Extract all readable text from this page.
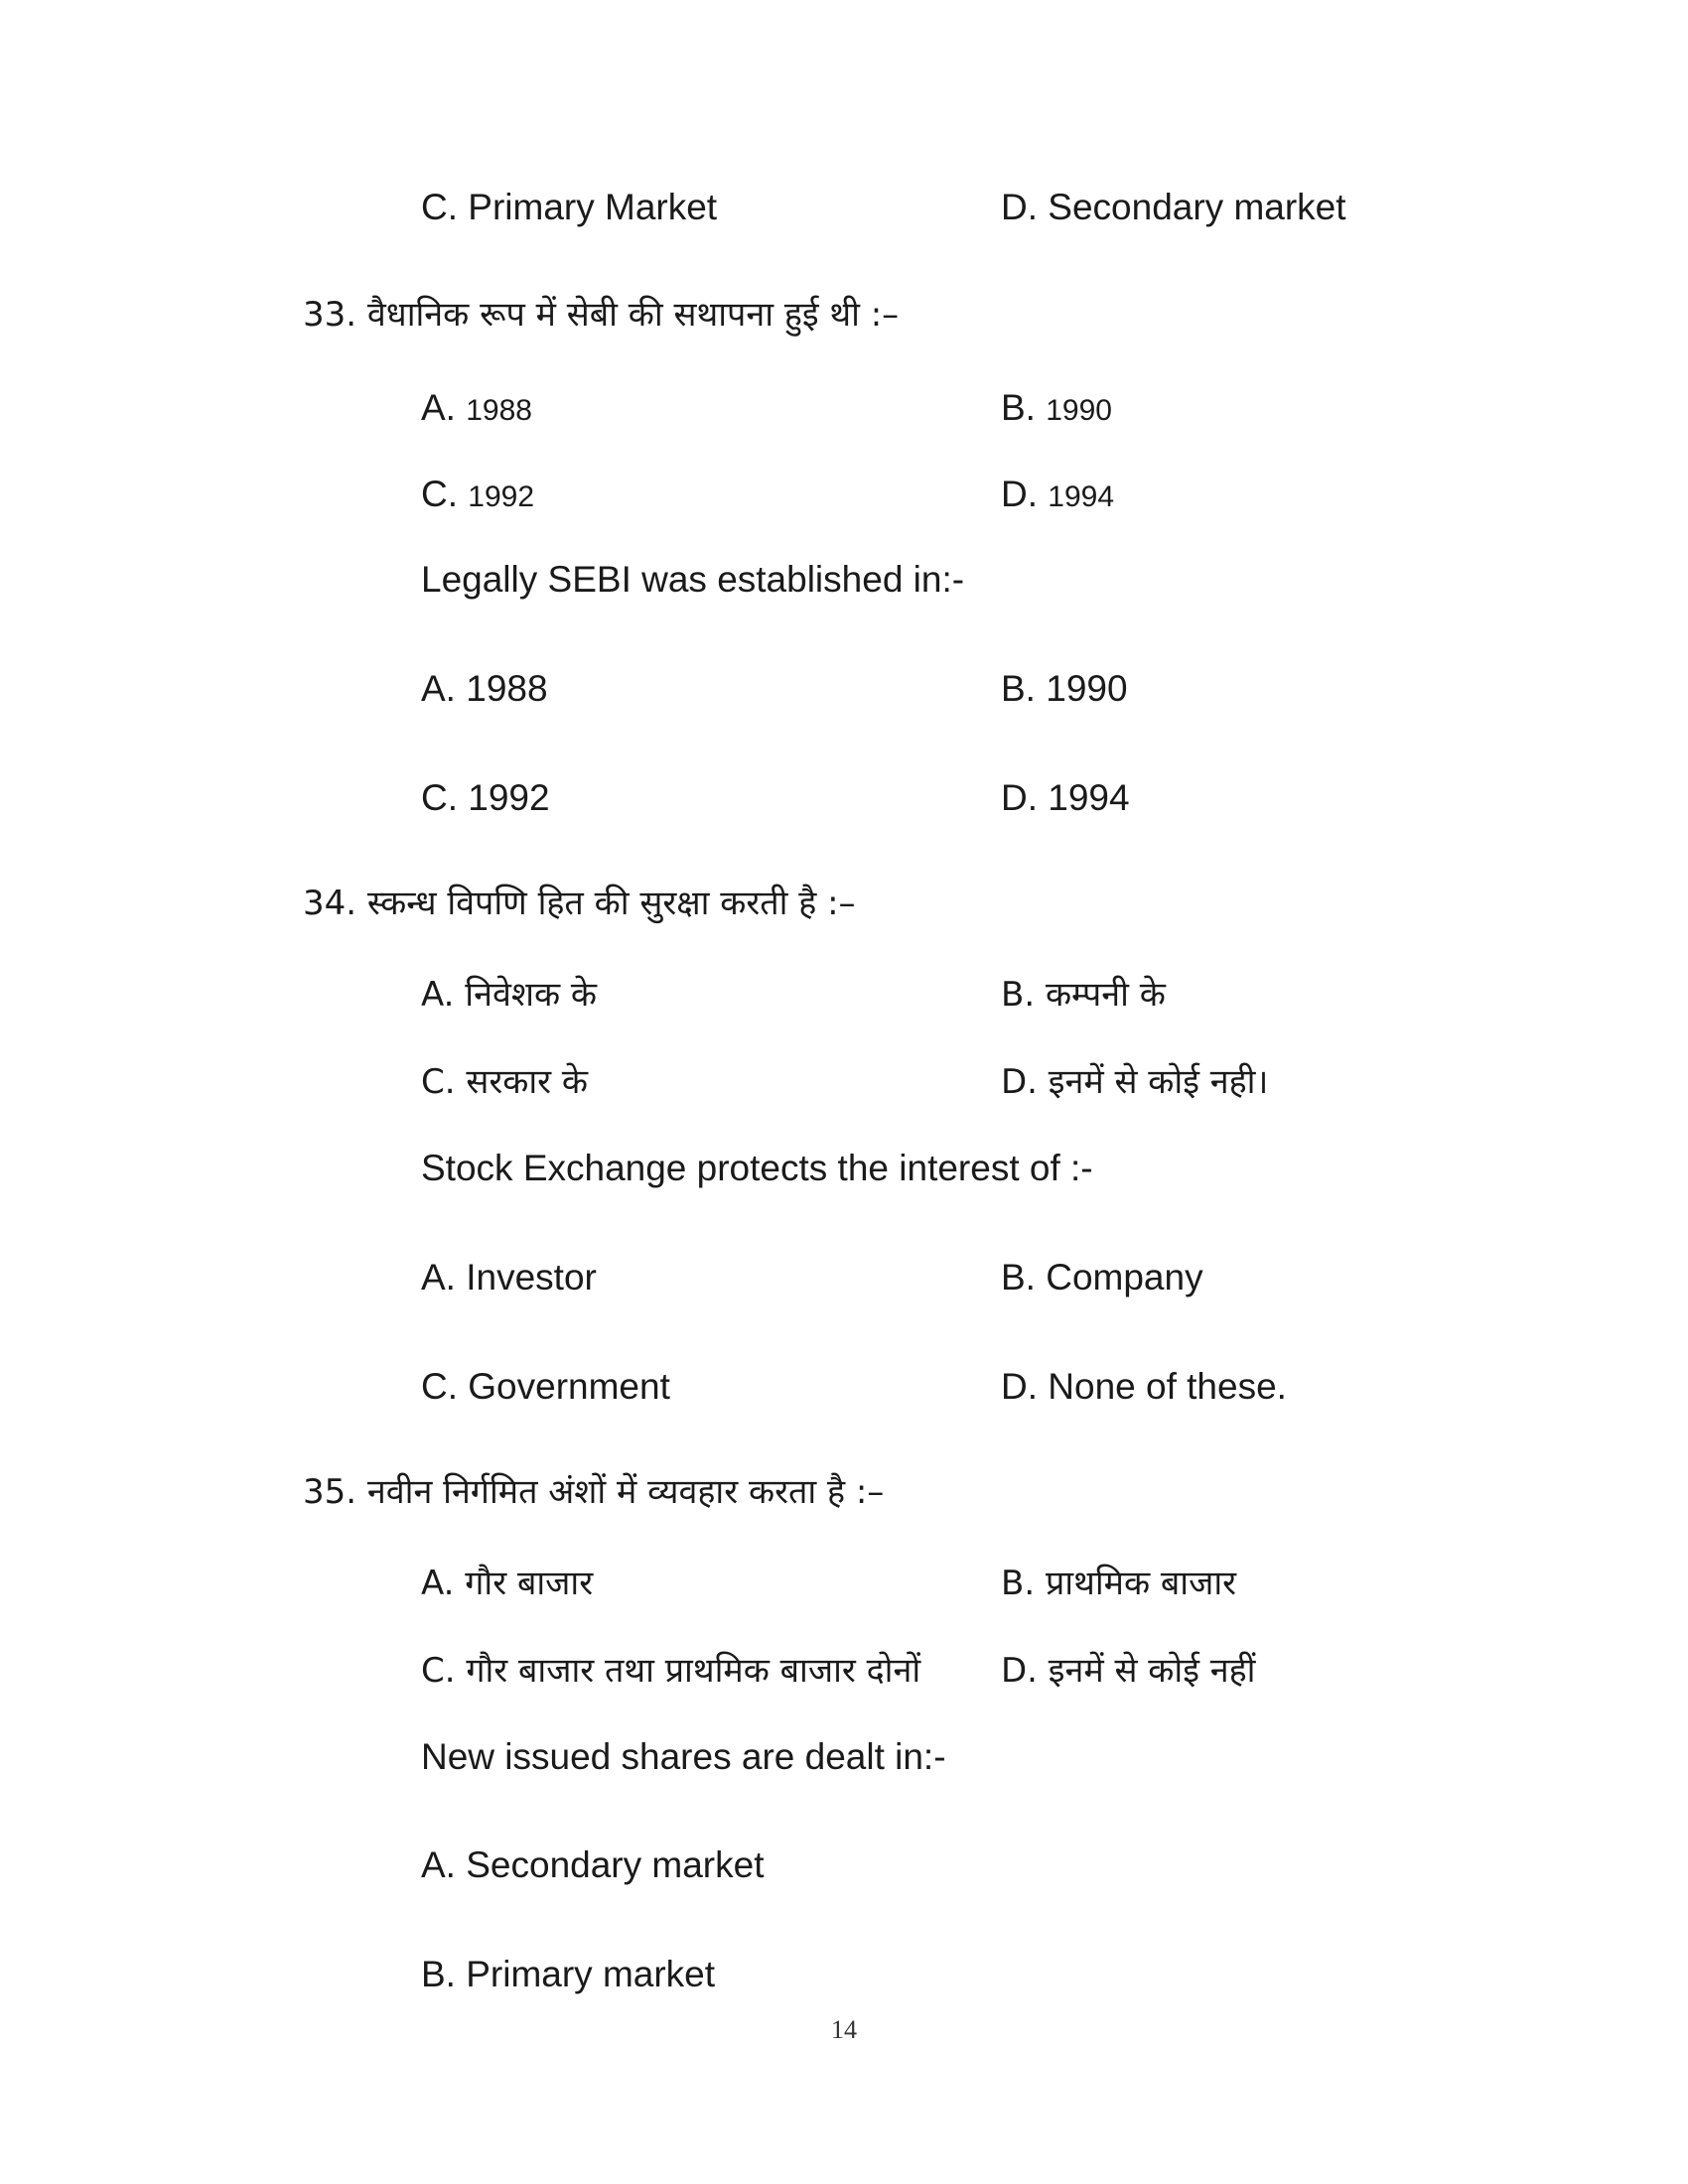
C. Primary Market	D. Secondary market
33. वैधानिक रूप में सेबी की सथापना हुई थी :–
A. 1988	B. 1990
C. 1992	D. 1994
Legally SEBI was established in:-
A. 1988	B. 1990
C. 1992	D. 1994
34. स्कन्ध विपणि हित की सुरक्षा करती है :–
A. निवेशक के	B. कम्पनी के
C. सरकार के	D. इनमें से कोई नही।
Stock Exchange protects the interest of :-
A. Investor	B. Company
C. Government	D. None of these.
35. नवीन निर्गमित अंशों में व्यवहार करता है :–
A. गौर बाजार	B. प्राथमिक बाजार
C. गौर बाजार तथा प्राथमिक बाजार दोनों D. इनमें से कोई नहीं
New issued shares are dealt in:-
A. Secondary market
B. Primary market
14
